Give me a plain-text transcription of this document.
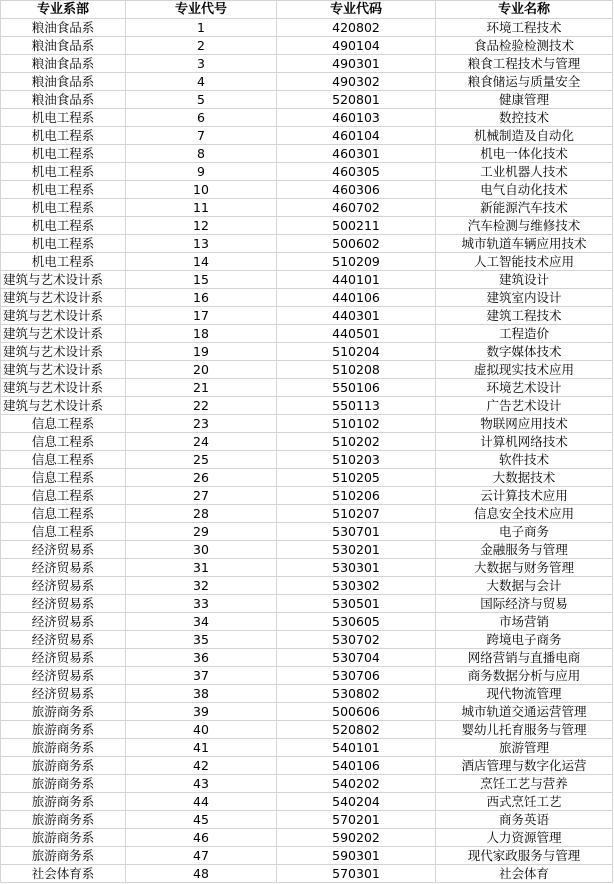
专业系部	专业代号	专业代码	专业名称
粮油食品系	1	420802	环境工程技术
粮油食品系	2	490104	食品检验检测技术
粮油食品系	3	490301	粮食工程技术与管理
粮油食品系	4	490302	粮食储运与质量安全
粮油食品系	5	520801	健康管理
机电工程系	6	460103	数控技术
机电工程系	7	460104	机械制造及自动化
机电工程系	8	460301	机电一体化技术
机电工程系	9	460305	工业机器人技术
机电工程系	10	460306	电气自动化技术
机电工程系	11	460702	新能源汽车技术
机电工程系	12	500211	汽车检测与维修技术
机电工程系	13	500602	城市轨道车辆应用技术
机电工程系	14	510209	人工智能技术应用
建筑与艺术设计系	15	440101	建筑设计
建筑与艺术设计系	16	440106	建筑室内设计
建筑与艺术设计系	17	440301	建筑工程技术
建筑与艺术设计系	18	440501	工程造价
建筑与艺术设计系	19	510204	数字媒体技术
建筑与艺术设计系	20	510208	虚拟现实技术应用
建筑与艺术设计系	21	550106	环境艺术设计
建筑与艺术设计系	22	550113	广告艺术设计
信息工程系	23	510102	物联网应用技术
信息工程系	24	510202	计算机网络技术
信息工程系	25	510203	软件技术
信息工程系	26	510205	大数据技术
信息工程系	27	510206	云计算技术应用
信息工程系	28	510207	信息安全技术应用
信息工程系	29	530701	电子商务
经济贸易系	30	530201	金融服务与管理
经济贸易系	31	530301	大数据与财务管理
经济贸易系	32	530302	大数据与会计
经济贸易系	33	530501	国际经济与贸易
经济贸易系	34	530605	市场营销
经济贸易系	35	530702	跨境电子商务
经济贸易系	36	530704	网络营销与直播电商
经济贸易系	37	530706	商务数据分析与应用
经济贸易系	38	530802	现代物流管理
旅游商务系	39	500606	城市轨道交通运营管理
旅游商务系	40	520802	婴幼儿托育服务与管理
旅游商务系	41	540101	旅游管理
旅游商务系	42	540106	酒店管理与数字化运营
旅游商务系	43	540202	烹饪工艺与营养
旅游商务系	44	540204	西式烹饪工艺
旅游商务系	45	570201	商务英语
旅游商务系	46	590202	人力资源管理
旅游商务系	47	590301	现代家政服务与管理
社会体育系	48	570301	社会体育
